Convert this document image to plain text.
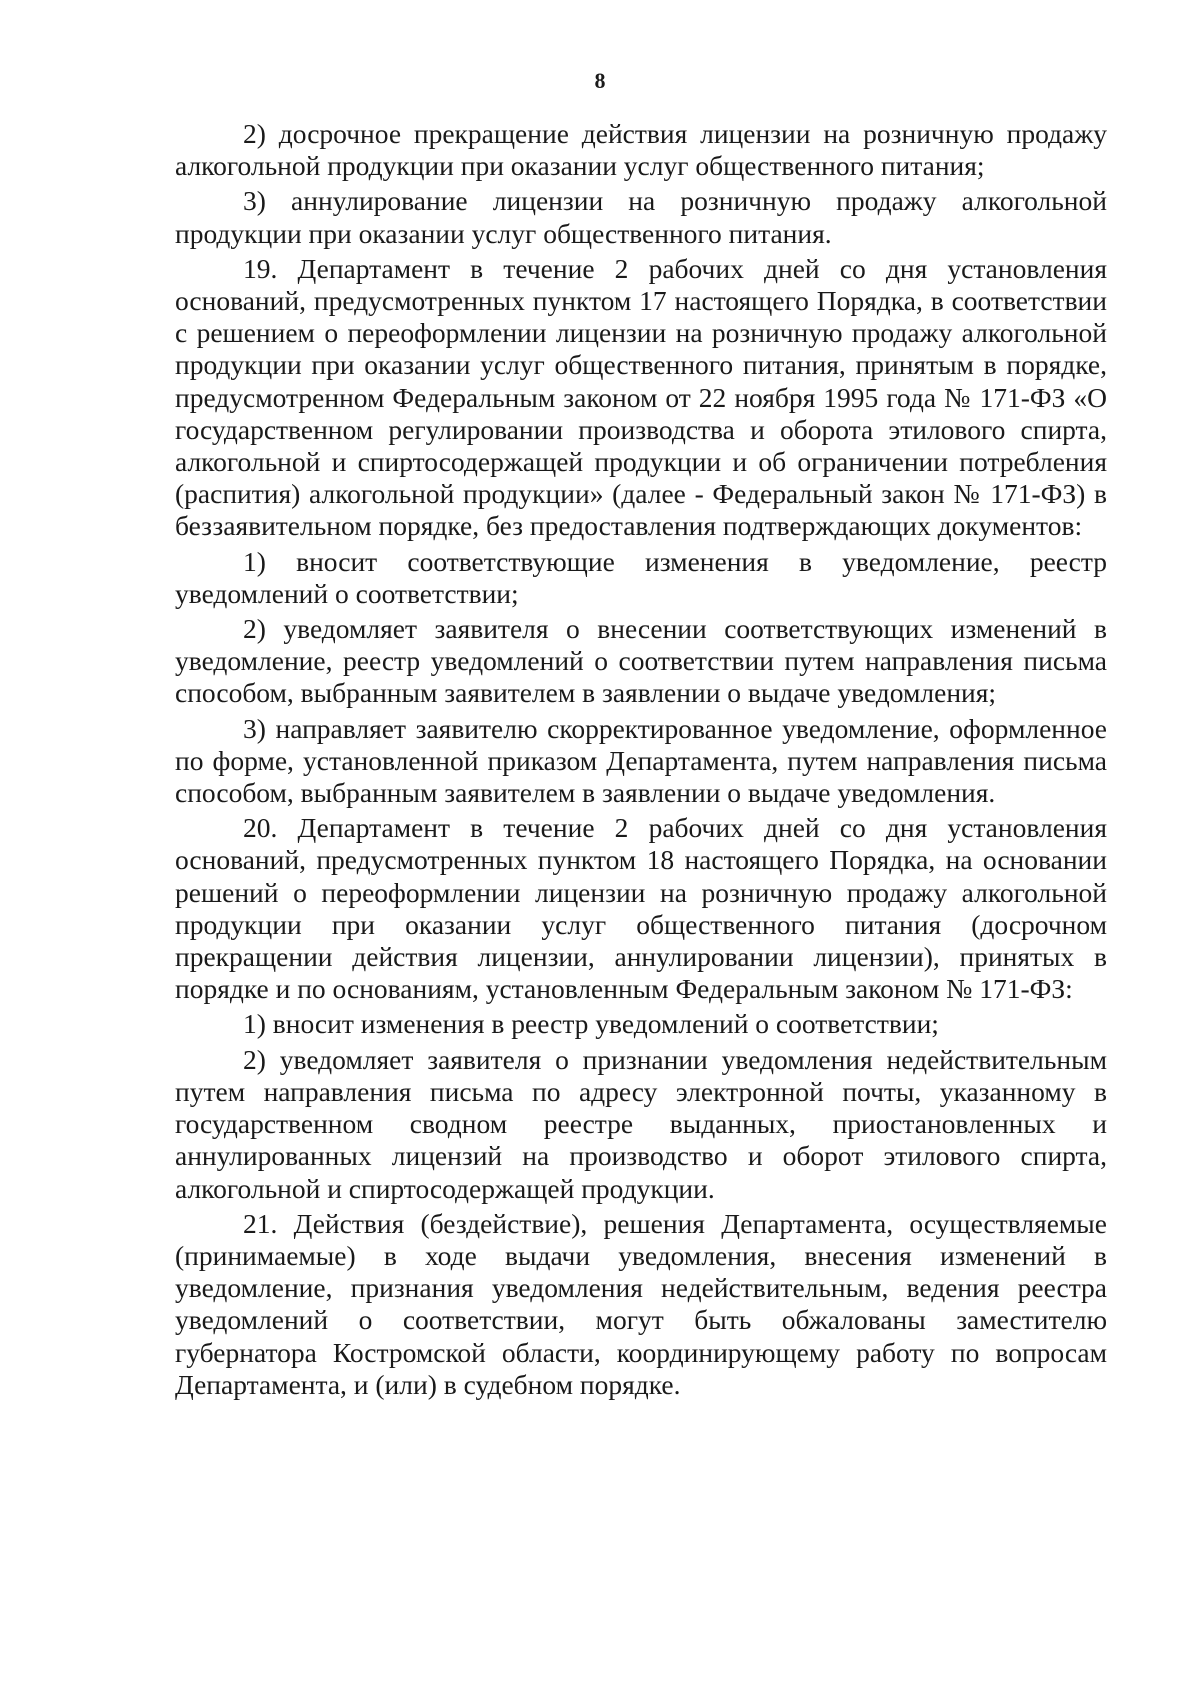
8

2) досрочное прекращение действия лицензии на розничную продажу алкогольной продукции при оказании услуг общественного питания;

3) аннулирование лицензии на розничную продажу алкогольной продукции при оказании услуг общественного питания.

19. Департамент в течение 2 рабочих дней со дня установления оснований, предусмотренных пунктом 17 настоящего Порядка, в соответствии с решением о переоформлении лицензии на розничную продажу алкогольной продукции при оказании услуг общественного питания, принятым в порядке, предусмотренном Федеральным законом от 22 ноября 1995 года № 171-ФЗ «О государственном регулировании производства и оборота этилового спирта, алкогольной и спиртосодержащей продукции и об ограничении потребления (распития) алкогольной продукции» (далее - Федеральный закон № 171-ФЗ) в беззаявительном порядке, без предоставления подтверждающих документов:

1) вносит соответствующие изменения в уведомление, реестр уведомлений о соответствии;

2) уведомляет заявителя о внесении соответствующих изменений в уведомление, реестр уведомлений о соответствии путем направления письма способом, выбранным заявителем в заявлении о выдаче уведомления;

3) направляет заявителю скорректированное уведомление, оформленное по форме, установленной приказом Департамента, путем направления письма способом, выбранным заявителем в заявлении о выдаче уведомления.

20. Департамент в течение 2 рабочих дней со дня установления оснований, предусмотренных пунктом 18 настоящего Порядка, на основании решений о переоформлении лицензии на розничную продажу алкогольной продукции при оказании услуг общественного питания (досрочном прекращении действия лицензии, аннулировании лицензии), принятых в порядке и по основаниям, установленным Федеральным законом № 171-ФЗ:

1) вносит изменения в реестр уведомлений о соответствии;

2) уведомляет заявителя о признании уведомления недействительным путем направления письма по адресу электронной почты, указанному в государственном сводном реестре выданных, приостановленных и аннулированных лицензий на производство и оборот этилового спирта, алкогольной и спиртосодержащей продукции.

21. Действия (бездействие), решения Департамента, осуществляемые (принимаемые) в ходе выдачи уведомления, внесения изменений в уведомление, признания уведомления недействительным, ведения реестра уведомлений о соответствии, могут быть обжалованы заместителю губернатора Костромской области, координирующему работу по вопросам Департамента, и (или) в судебном порядке.
